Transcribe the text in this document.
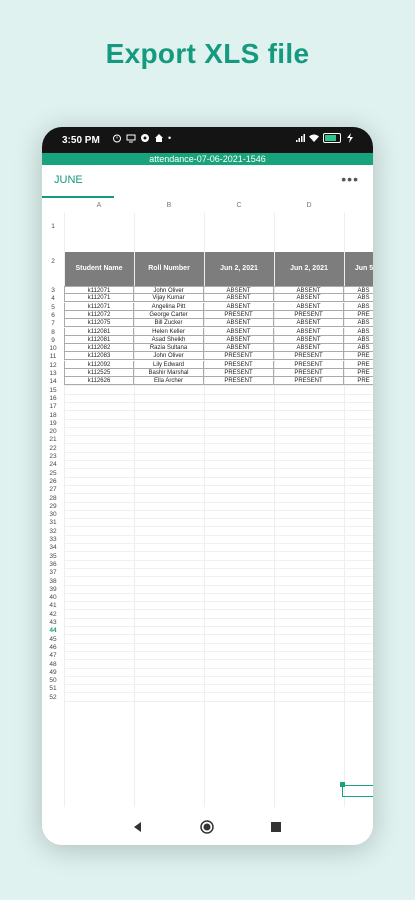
Export XLS file
3:50 PM	•
attendance-07-06-2021-1546
JUNE	•••
A	B	C	D
1
2
3
4
5
6
7
8
9
10
11
12
13
14
15
16
17
18
19
20
21
22
23
24
25
26
27
28
29
30
31
32
33
34
35
36
37
38
39
40
41
42
43
44
45
46
47
48
49
50
51
52
Student Name	Roll Number	Jun 2, 2021	Jun 2, 2021	Jun 5
k112071	John Oliver	ABSENT	ABSENT	ABS
k112071	Vijay Kumar	ABSENT	ABSENT	ABS
k112071	Angelina Pitt	ABSENT	ABSENT	ABS
k112072	George Carter	PRESENT	PRESENT	PRE
k112075	Bill Zucker	ABSENT	ABSENT	ABS
k112081	Helen Keller	ABSENT	ABSENT	ABS
k112081	Asad Sheikh	ABSENT	ABSENT	ABS
k112082	Razia Sultana	ABSENT	ABSENT	ABS
k112083	John Oliver	PRESENT	PRESENT	PRE
k112092	Lily Edward	PRESENT	PRESENT	PRE
k112525	Bashir Marshal	PRESENT	PRESENT	PRE
k112626	Ella Archer	PRESENT	PRESENT	PRE
